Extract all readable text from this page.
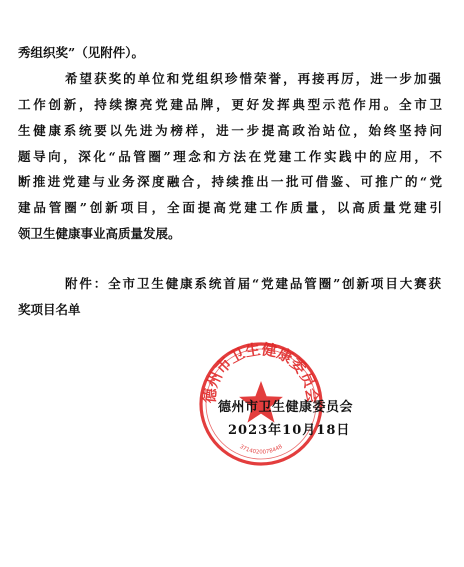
秀组织奖”（见附件）。
希望获奖的单位和党组织珍惜荣誉，再接再厉，进一步加强
工作创新，持续擦亮党建品牌，更好发挥典型示范作用。全市卫
生健康系统要以先进为榜样，进一步提高政治站位，始终坚持问
题导向，深化“品管圈”理念和方法在党建工作实践中的应用，不
断推进党建与业务深度融合，持续推出一批可借鉴、可推广的“党
建品管圈”创新项目，全面提高党建工作质量，以高质量党建引
领卫生健康事业高质量发展。
附件：全市卫生健康系统首届“党建品管圈”创新项目大赛获
奖项目名单
德州市卫生健康委员会
3714020078448
德州市卫生健康委员会
2023年10月18日
